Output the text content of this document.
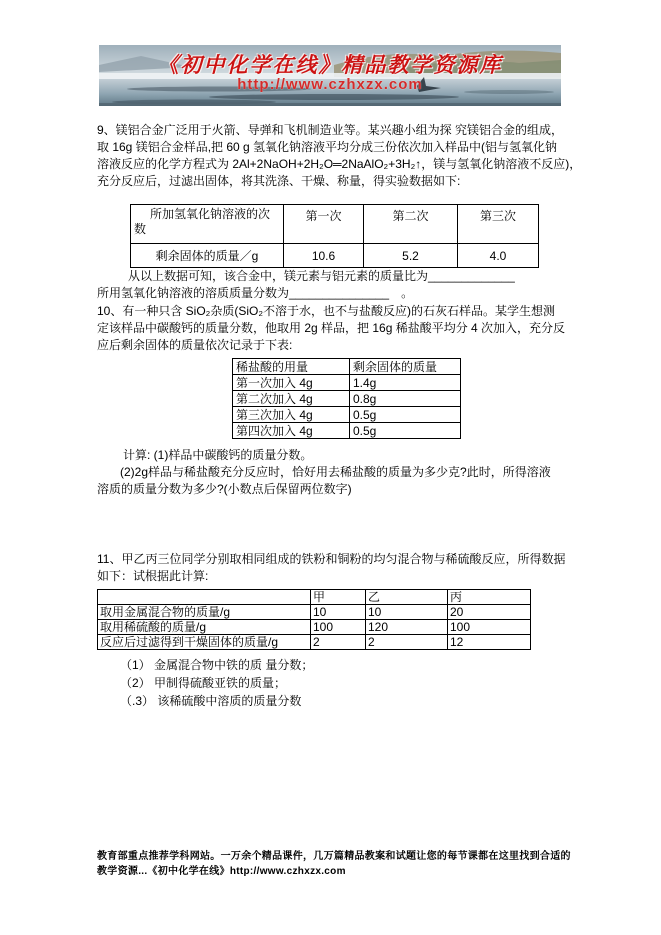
《初中化学在线》精品教学资源库
http://www.czhxzx.com
9、镁铝合金广泛用于火箭、导弹和飞机制造业等。某兴趣小组为探 究镁铝合金的组成，
取 16g 镁铝合金样品,把 60 g 氢氧化钠溶液平均分成三份依次加入样品中(铝与氢氧化钠
溶液反应的化学方程式为 2Al+2NaOH+2H₂O═2NaAlO₂+3H₂↑，镁与氢氧化钠溶液不反应)，
充分反应后，过滤出固体，将其洗涤、干燥、称量，得实验数据如下:
所加氢氧化钠溶液的次数	第一次	第二次	第三次
剩余固体的质量／g	10.6	5.2	4.0
从以上数据可知，该合金中，镁元素与铝元素的质量比为_____________
所用氢氧化钠溶液的溶质质量分数为_______________　。
10、有一种只含 SiO₂杂质(SiO₂不溶于水，也不与盐酸反应)的石灰石样品。某学生想测
定该样品中碳酸钙的质量分数，他取用 2g 样品，把 16g 稀盐酸平均分 4 次加入，充分反
应后剩余固体的质量依次记录于下表:
稀盐酸的用量	剩余固体的质量
第一次加入 4g	1.4g
第二次加入 4g	0.8g
第三次加入 4g	0.5g
第四次加入 4g	0.5g
计算: (1)样品中碳酸钙的质量分数。
(2)2g样品与稀盐酸充分反应时，恰好用去稀盐酸的质量为多少克?此时，所得溶液
溶质的质量分数为多少?(小数点后保留两位数字)
11、甲乙丙三位同学分别取相同组成的铁粉和铜粉的均匀混合物与稀硫酸反应，所得数据
如下：试根据此计算:
	甲	乙	丙
取用金属混合物的质量/g	10	10	20
取用稀硫酸的质量/g	100	120	100
反应后过滤得到干燥固体的质量/g	2	2	12
（1） 金属混合物中铁的质 量分数；
（2） 甲制得硫酸亚铁的质量；
（.3） 该稀硫酸中溶质的质量分数
教育部重点推荐学科网站。一万余个精品课件，几万篇精品教案和试题让您的每节课都在这里找到合适的
教学资源...《初中化学在线》http://www.czhxzx.com
